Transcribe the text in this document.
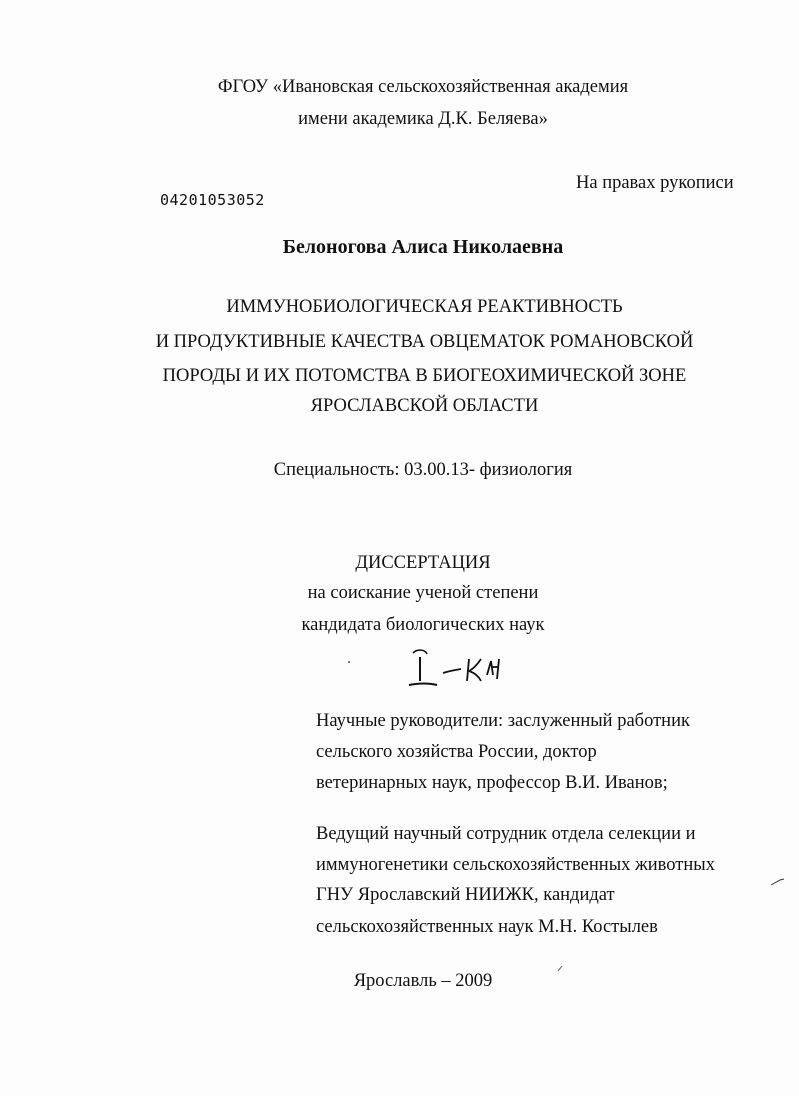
ФГОУ «Ивановская сельскохозяйственная академия
имени академика Д.К. Беляева»
На правах рукописи
04201053052
Белоногова Алиса Николаевна
ИММУНОБИОЛОГИЧЕСКАЯ РЕАКТИВНОСТЬ
И ПРОДУКТИВНЫЕ КАЧЕСТВА ОВЦЕМАТОК РОМАНОВСКОЙ
ПОРОДЫ И ИХ ПОТОМСТВА В БИОГЕОХИМИЧЕСКОЙ ЗОНЕ
ЯРОСЛАВСКОЙ ОБЛАСТИ
Специальность: 03.00.13- физиология
ДИССЕРТАЦИЯ
на соискание ученой степени
кандидата биологических наук
Научные руководители: заслуженный работник
сельского хозяйства России, доктор
ветеринарных наук, профессор В.И. Иванов;
Ведущий научный сотрудник отдела селекции и
иммуногенетики сельскохозяйственных животных
ГНУ Ярославский НИИЖК, кандидат
сельскохозяйственных наук М.Н. Костылев
Ярославль – 2009
